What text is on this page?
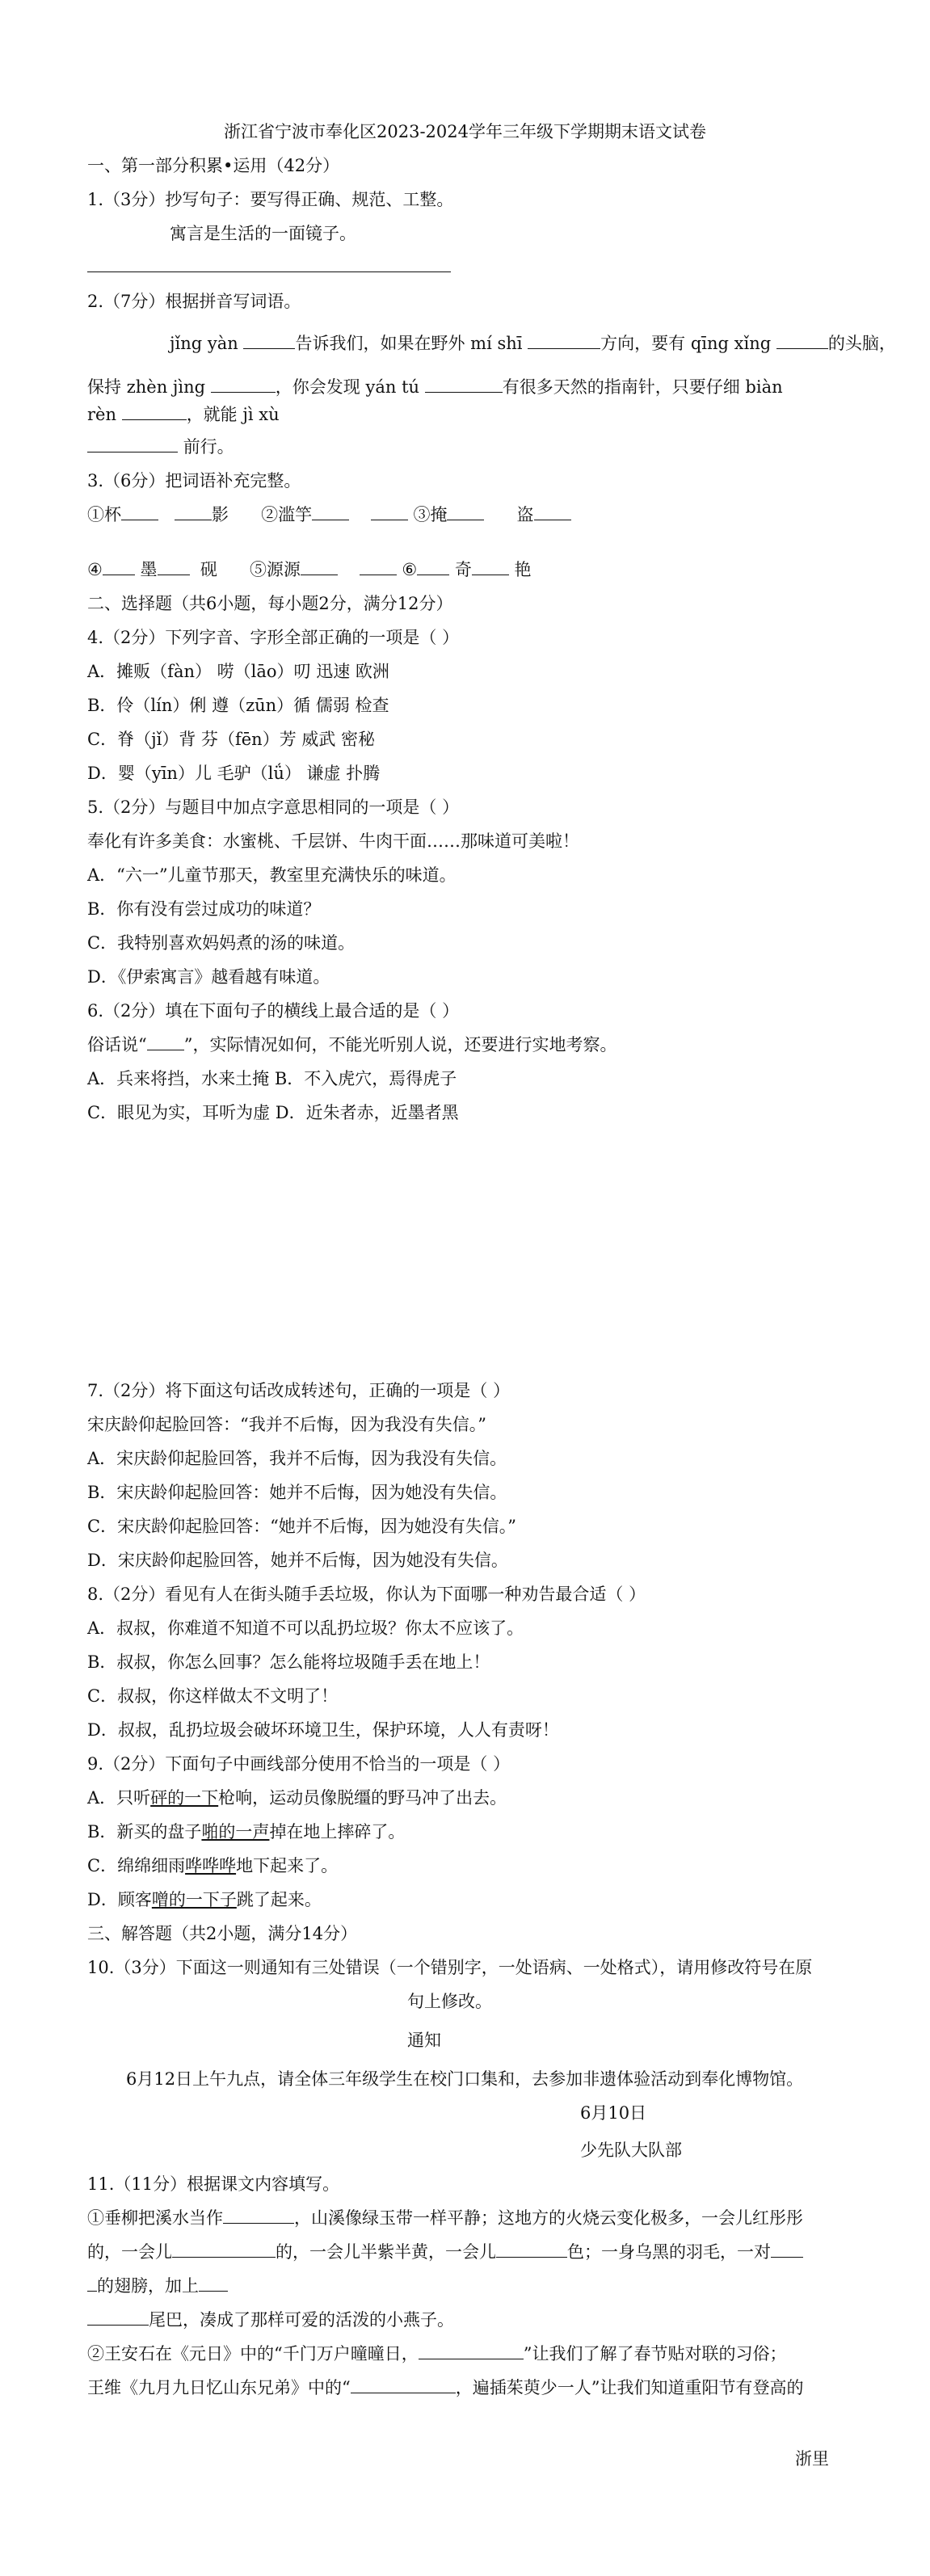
浙江省宁波市奉化区2023-2024学年三年级下学期期末语文试卷
一、第一部分积累•运用（42分）
1.（3分）抄写句子：要写得正确、规范、工整。
寓言是生活的一面镜子。
2.（7分）根据拼音写词语。
jǐng yàn	告诉我们，如果在野外 mí shī	方向，要有 qīng xǐng	的头脑，
保持 zhèn jìng	，你会发现 yán tú	有很多天然的指南针，只要仔细 biàn
rèn	，就能 jì xù
前行。
3.（6分）把词语补充完整。
①杯	影 ②滥竽	③掩	盗
④ 墨	砚 ⑤源源	⑥ 奇	艳
二、选择题（共6小题，每小题2分，满分12分）
4.（2分）下列字音、字形全部正确的一项是（ ）
A．摊贩（fàn） 唠（lāo）叨 迅速 欧洲
B．伶（lín）俐 遵（zūn）循 儒弱 检查
C．脊（jǐ）背 芬（fēn）芳 威武 密秘
D．婴（yīn）儿 毛驴（lǘ） 谦虚 扑腾
5.（2分）与题目中加点字意思相同的一项是（ ）
奉化有许多美食：水蜜桃、千层饼、牛肉干面……那味道可美啦！
A．“六一”儿童节那天，教室里充满快乐的味道。
B．你有没有尝过成功的味道？
C．我特别喜欢妈妈煮的汤的味道。
D．《伊索寓言》越看越有味道。
6.（2分）填在下面句子的横线上最合适的是（ ）
俗话说“ ”，实际情况如何，不能光听别人说，还要进行实地考察。
A．兵来将挡，水来土掩 B．不入虎穴，焉得虎子
C．眼见为实，耳听为虚 D．近朱者赤，近墨者黑
7.（2分）将下面这句话改成转述句，正确的一项是（ ）
宋庆龄仰起脸回答：“我并不后悔，因为我没有失信。”
A．宋庆龄仰起脸回答，我并不后悔，因为我没有失信。
B．宋庆龄仰起脸回答：她并不后悔，因为她没有失信。
C．宋庆龄仰起脸回答：“她并不后悔，因为她没有失信。”
D．宋庆龄仰起脸回答，她并不后悔，因为她没有失信。
8.（2分）看见有人在街头随手丢垃圾，你认为下面哪一种劝告最合适（ ）
A．叔叔，你难道不知道不可以乱扔垃圾？你太不应该了。
B．叔叔，你怎么回事？怎么能将垃圾随手丢在地上！
C．叔叔，你这样做太不文明了！
D．叔叔，乱扔垃圾会破坏环境卫生，保护环境，人人有责呀！
9.（2分）下面句子中画线部分使用不恰当的一项是（ ）
A．只听砰的一下枪响，运动员像脱缰的野马冲了出去。
B．新买的盘子啪的一声掉在地上摔碎了。
C．绵绵细雨哗哗哗地下起来了。
D．顾客噌的一下子跳了起来。
三、解答题（共2小题，满分14分）
10.（3分）下面这一则通知有三处错误（一个错别字，一处语病、一处格式），请用修改符号在原
句上修改。
通知
6月12日上午九点，请全体三年级学生在校门口集和，去参加非遗体验活动到奉化博物馆。
6月10日
少先队大队部
11.（11分）根据课文内容填写。
①垂柳把溪水当作	，山溪像绿玉带一样平静；这地方的火烧云变化极多，一会儿红彤彤
的，一会儿	的，一会儿半紫半黄，一会儿	色；一身乌黑的羽毛，一对
的翅膀，加上
尾巴，凑成了那样可爱的活泼的小燕子。
②王安石在《元日》中的“千门万户曈曈日，	”让我们了解了春节贴对联的习俗；
王维《九月九日忆山东兄弟》中的“	，遍插茱萸少一人”让我们知道重阳节有登高的
浙里
